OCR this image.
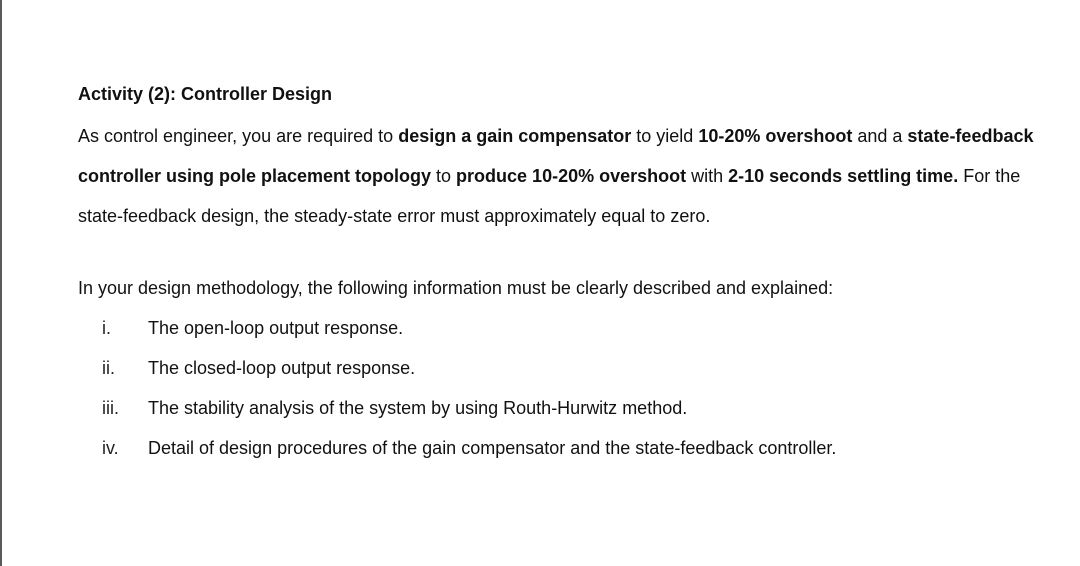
Activity (2): Controller Design

As control engineer, you are required to design a gain compensator to yield 10-20% overshoot and a state-feedback controller using pole placement topology to produce 10-20% overshoot with 2-10 seconds settling time. For the state-feedback design, the steady-state error must approximately equal to zero.

In your design methodology, the following information must be clearly described and explained:
i.	The open-loop output response.
ii.	The closed-loop output response.
iii.	The stability analysis of the system by using Routh-Hurwitz method.
iv.	Detail of design procedures of the gain compensator and the state-feedback controller.
